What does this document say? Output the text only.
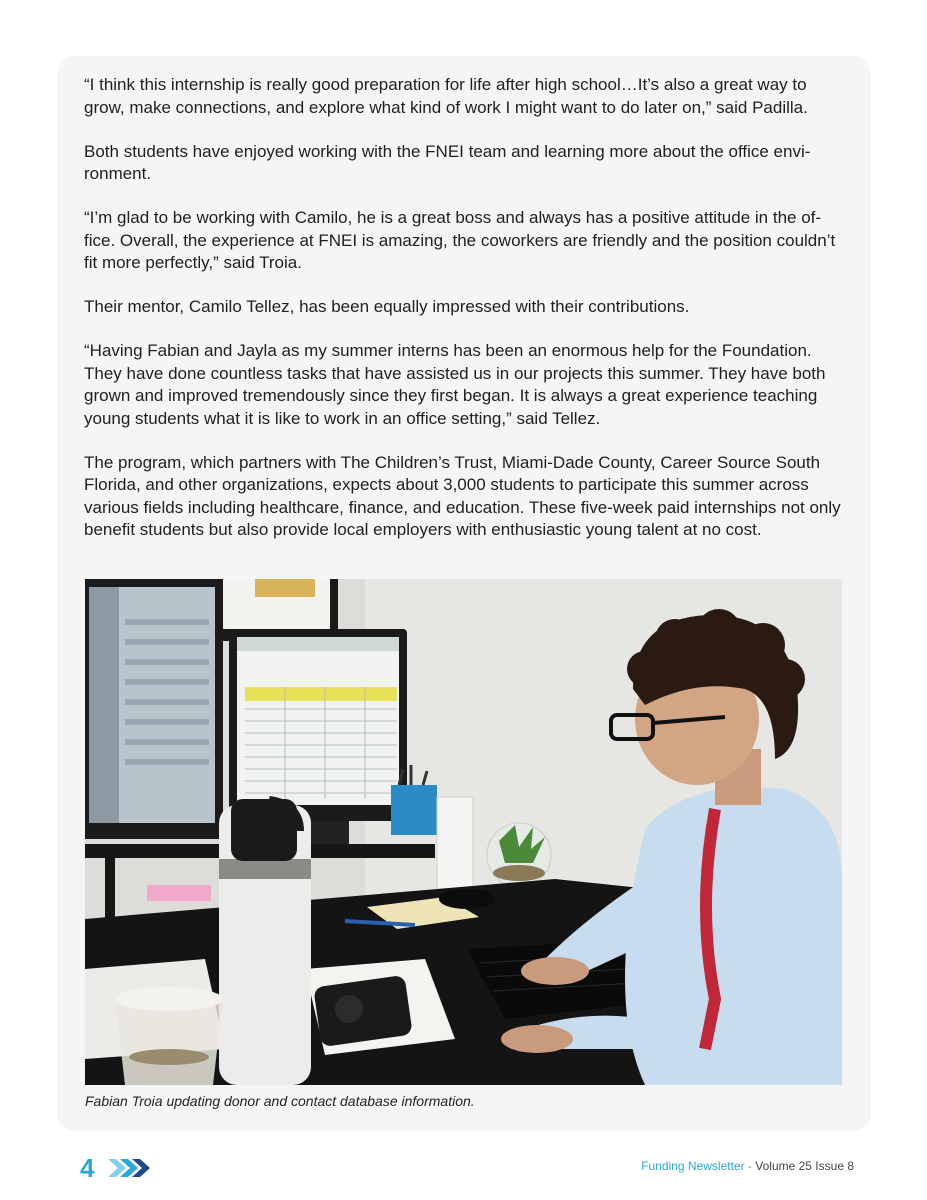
“I think this internship is really good preparation for life after high school…It’s also a great way to grow, make connections, and explore what kind of work I might want to do later on,” said Padilla.

Both students have enjoyed working with the FNEI team and learning more about the office environment.

“I’m glad to be working with Camilo, he is a great boss and always has a positive attitude in the office. Overall, the experience at FNEI is amazing, the coworkers are friendly and the position couldn’t fit more perfectly,” said Troia.

Their mentor, Camilo Tellez, has been equally impressed with their contributions.

“Having Fabian and Jayla as my summer interns has been an enormous help for the Foundation. They have done countless tasks that have assisted us in our projects this summer. They have both grown and improved tremendously since they first began. It is always a great experience teaching young students what it is like to work in an office setting,” said Tellez.

The program, which partners with The Children’s Trust, Miami-Dade County, Career Source South Florida, and other organizations, expects about 3,000 students to participate this summer across various fields including healthcare, finance, and education. These five-week paid internships not only benefit students but also provide local employers with enthusiastic young talent at no cost.

Fabian Troia updating donor and contact database information.
4	Funding Newsletter - Volume 25 Issue 8
